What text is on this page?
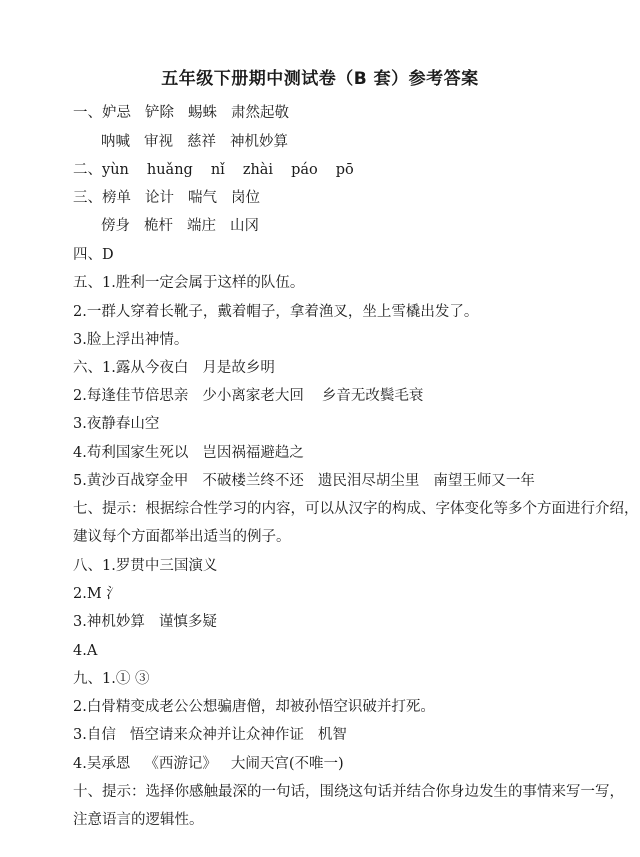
五年级下册期中测试卷（B 套）参考答案
一、妒忌 铲除 蜴蛛 肃然起敬
呐喊 审视 慈祥 神机妙算
二、yùn huǎng nǐ zhài páo pō
三、榜单 论计 喘气 岗位
傍身 桅杆 端庄 山冈
四、D
五、1.胜利一定会属于这样的队伍。
2.一群人穿着长靴子，戴着帽子，拿着渔叉，坐上雪橇出发了。
3.脸上浮出神情。
六、1.露从今夜白 月是故乡明
2.每逢佳节倍思亲 少小离家老大回 乡音无改鬓毛衰
3.夜静春山空
4.苟利国家生死以 岂因祸福避趋之
5.黄沙百战穿金甲 不破楼兰终不还 遗民泪尽胡尘里 南望王师又一年
七、提示：根据综合性学习的内容，可以从汉字的构成、字体变化等多个方面进行介绍，
建议每个方面都举出适当的例子。
八、1.罗贯中三国演义
2.M 氵
3.神机妙算 谨慎多疑
4.A
九、1.① ③
2.白骨精变成老公公想骗唐僧，却被孙悟空识破并打死。
3.自信 悟空请来众神并让众神作证 机智
4.吴承恩 《西游记》 大闹天宫(不唯一)
十、提示：选择你感触最深的一句话，围绕这句话并结合你身边发生的事情来写一写，
注意语言的逻辑性。
